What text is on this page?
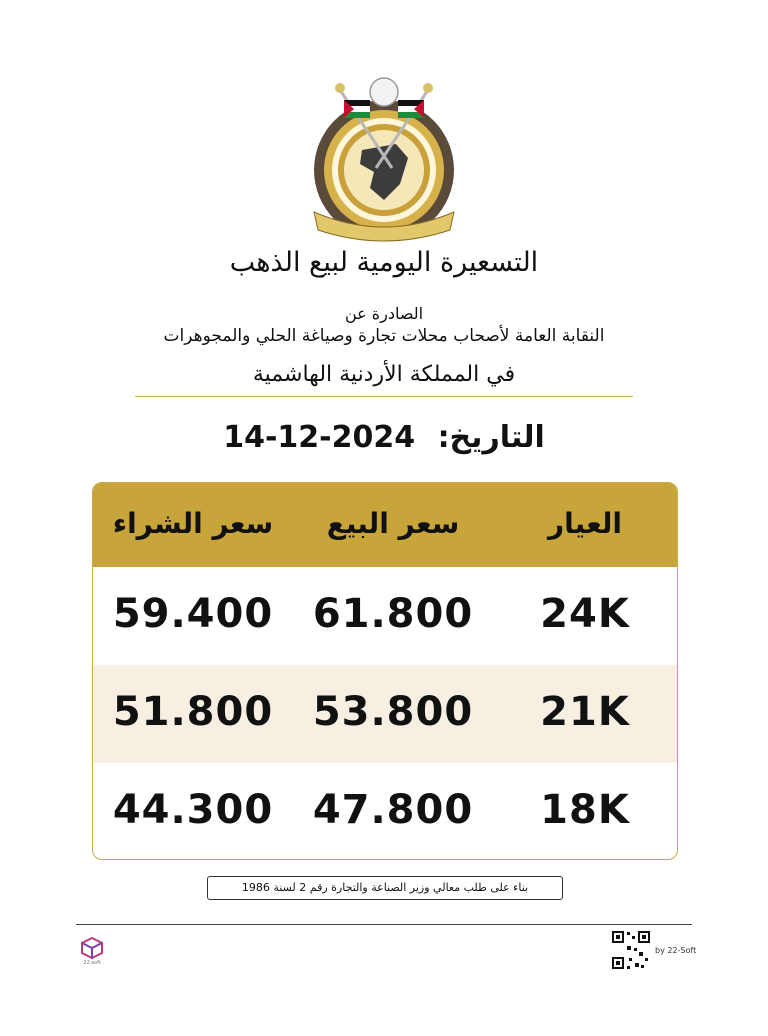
التسعيرة اليومية لبيع الذهب
الصادرة عن
النقابة العامة لأصحاب محلات تجارة وصياغة الحلي والمجوهرات
في المملكة الأردنية الهاشمية
التاريخ: 14-12-2024
سعر الشراء	سعر البيع	العيار
59.400 61.800	24K
51.800 53.800	21K
44.300 47.800	18K
بناء على طلب معالي وزير الصناعة والتجارة رقم 2 لسنة 1986
22-soft
by 22-Soft
